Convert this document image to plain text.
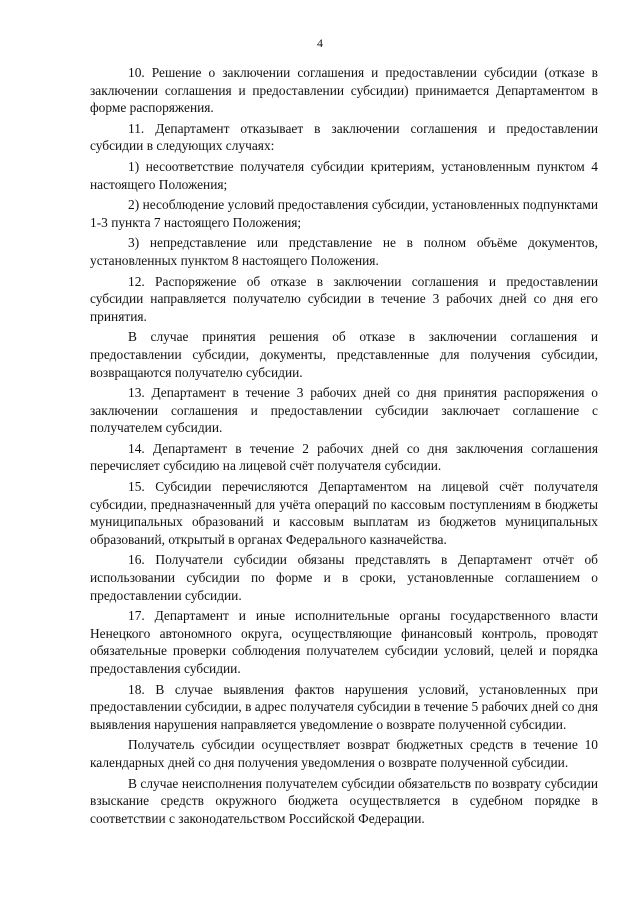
4

10. Решение о заключении соглашения и предоставлении субсидии (отказе в заключении соглашения и предоставлении субсидии) принимается Департаментом в форме распоряжения.

11. Департамент отказывает в заключении соглашения и предоставлении субсидии в следующих случаях:

1) несоответствие получателя субсидии критериям, установленным пунктом 4 настоящего Положения;

2) несоблюдение условий предоставления субсидии, установленных подпунктами 1-3 пункта 7 настоящего Положения;

3) непредставление или представление не в полном объёме документов, установленных пунктом 8 настоящего Положения.

12. Распоряжение об отказе в заключении соглашения и предоставлении субсидии направляется получателю субсидии в течение 3 рабочих дней со дня его принятия.

В случае принятия решения об отказе в заключении соглашения и предоставлении субсидии, документы, представленные для получения субсидии, возвращаются получателю субсидии.

13. Департамент в течение 3 рабочих дней со дня принятия распоряжения о заключении соглашения и предоставлении субсидии заключает соглашение с получателем субсидии.

14. Департамент в течение 2 рабочих дней со дня заключения соглашения перечисляет субсидию на лицевой счёт получателя субсидии.

15. Субсидии перечисляются Департаментом на лицевой счёт получателя субсидии, предназначенный для учёта операций по кассовым поступлениям в бюджеты муниципальных образований и кассовым выплатам из бюджетов муниципальных образований, открытый в органах Федерального казначейства.

16. Получатели субсидии обязаны представлять в Департамент отчёт об использовании субсидии по форме и в сроки, установленные соглашением о предоставлении субсидии.

17. Департамент и иные исполнительные органы государственного власти Ненецкого автономного округа, осуществляющие финансовый контроль, проводят обязательные проверки соблюдения получателем субсидии условий, целей и порядка предоставления субсидии.

18. В случае выявления фактов нарушения условий, установленных при предоставлении субсидии, в адрес получателя субсидии в течение 5 рабочих дней со дня выявления нарушения направляется уведомление о возврате полученной субсидии.

Получатель субсидии осуществляет возврат бюджетных средств в течение 10 календарных дней со дня получения уведомления о возврате полученной субсидии.

В случае неисполнения получателем субсидии обязательств по возврату субсидии взыскание средств окружного бюджета осуществляется в судебном порядке в соответствии с законодательством Российской Федерации.
